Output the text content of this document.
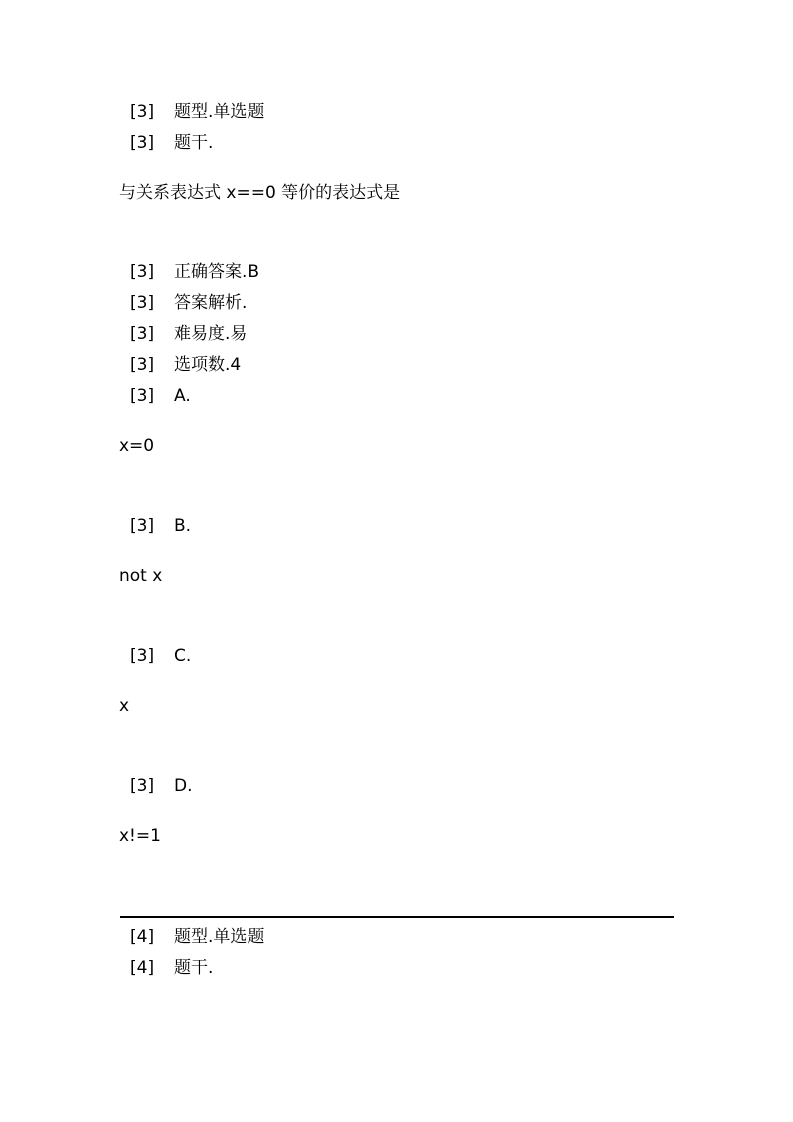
[3] 题型.单选题
[3] 题干.
与关系表达式 x==0 等价的表达式是
[3] 正确答案.B
[3] 答案解析.
[3] 难易度.易
[3] 选项数.4
[3] A.
x=0
[3] B.
not x
[3] C.
x
[3] D.
x!=1
[4] 题型.单选题
[4] 题干.
